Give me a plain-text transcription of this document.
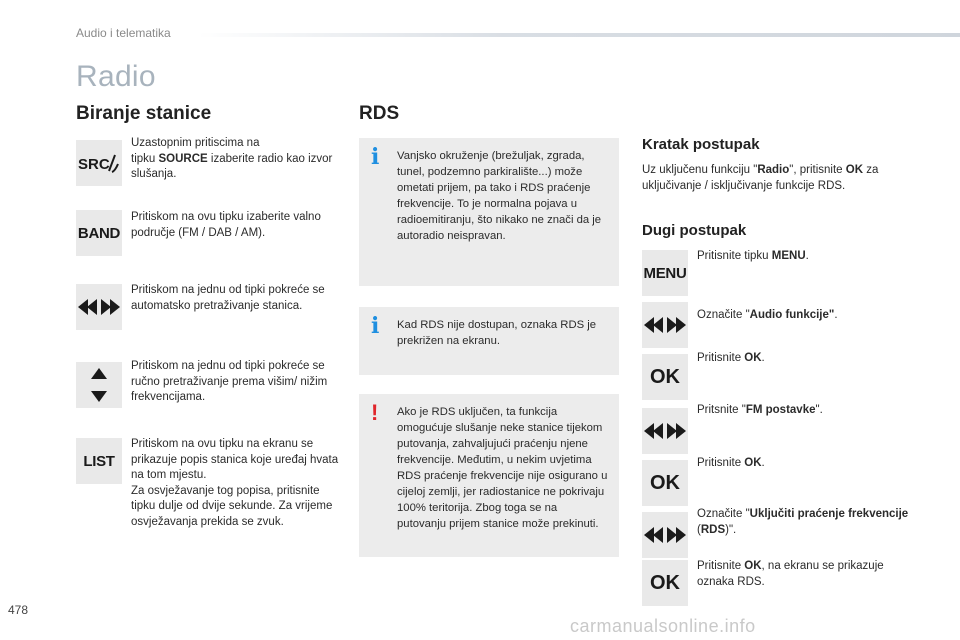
Audio i telematika
Radio
Biranje stanice
SRC
Uzastopnim pritiscima na
tipku SOURCE izaberite radio kao izvor slušanja.
BAND
Pritiskom na ovu tipku izaberite valno područje (FM / DAB / AM).
Pritiskom na jednu od tipki pokreće se automatsko pretraživanje stanica.
Pritiskom na jednu od tipki pokreće se ručno pretraživanje prema višim/ nižim frekvencijama.
LIST
Pritiskom na ovu tipku na ekranu se prikazuje popis stanica koje uređaj hvata na tom mjestu.
Za osvježavanje tog popisa, pritisnite tipku dulje od dvije sekunde. Za vrijeme osvježavanja prekida se zvuk.
RDS
i Vanjsko okruženje (brežuljak, zgrada, tunel, podzemno parkiralište...) može ometati prijem, pa tako i RDS praćenje frekvencije. To je normalna pojava u radioemitiranju, što nikako ne znači da je autoradio neispravan.
i Kad RDS nije dostupan, oznaka RDS je prekrižen na ekranu.
! Ako je RDS uključen, ta funkcija omogućuje slušanje neke stanice tijekom putovanja, zahvaljujući praćenju njene frekvencije. Međutim, u nekim uvjetima RDS praćenje frekvencije nije osigurano u cijeloj zemlji, jer radiostanice ne pokrivaju 100% teritorija. Zbog toga se na putovanju prijem stanice može prekinuti.
Kratak postupak
Uz uključenu funkciju "Radio", pritisnite OK za uključivanje / isključivanje funkcije RDS.
Dugi postupak
MENU
Pritisnite tipku MENU.
Označite "Audio funkcije".
OK
Pritisnite OK.
Pritsnite "FM postavke".
OK
Pritisnite OK.
Označite "Uključiti praćenje frekvencije (RDS)".
OK
Pritisnite OK, na ekranu se prikazuje oznaka RDS.
478
carmanualsonline.info
